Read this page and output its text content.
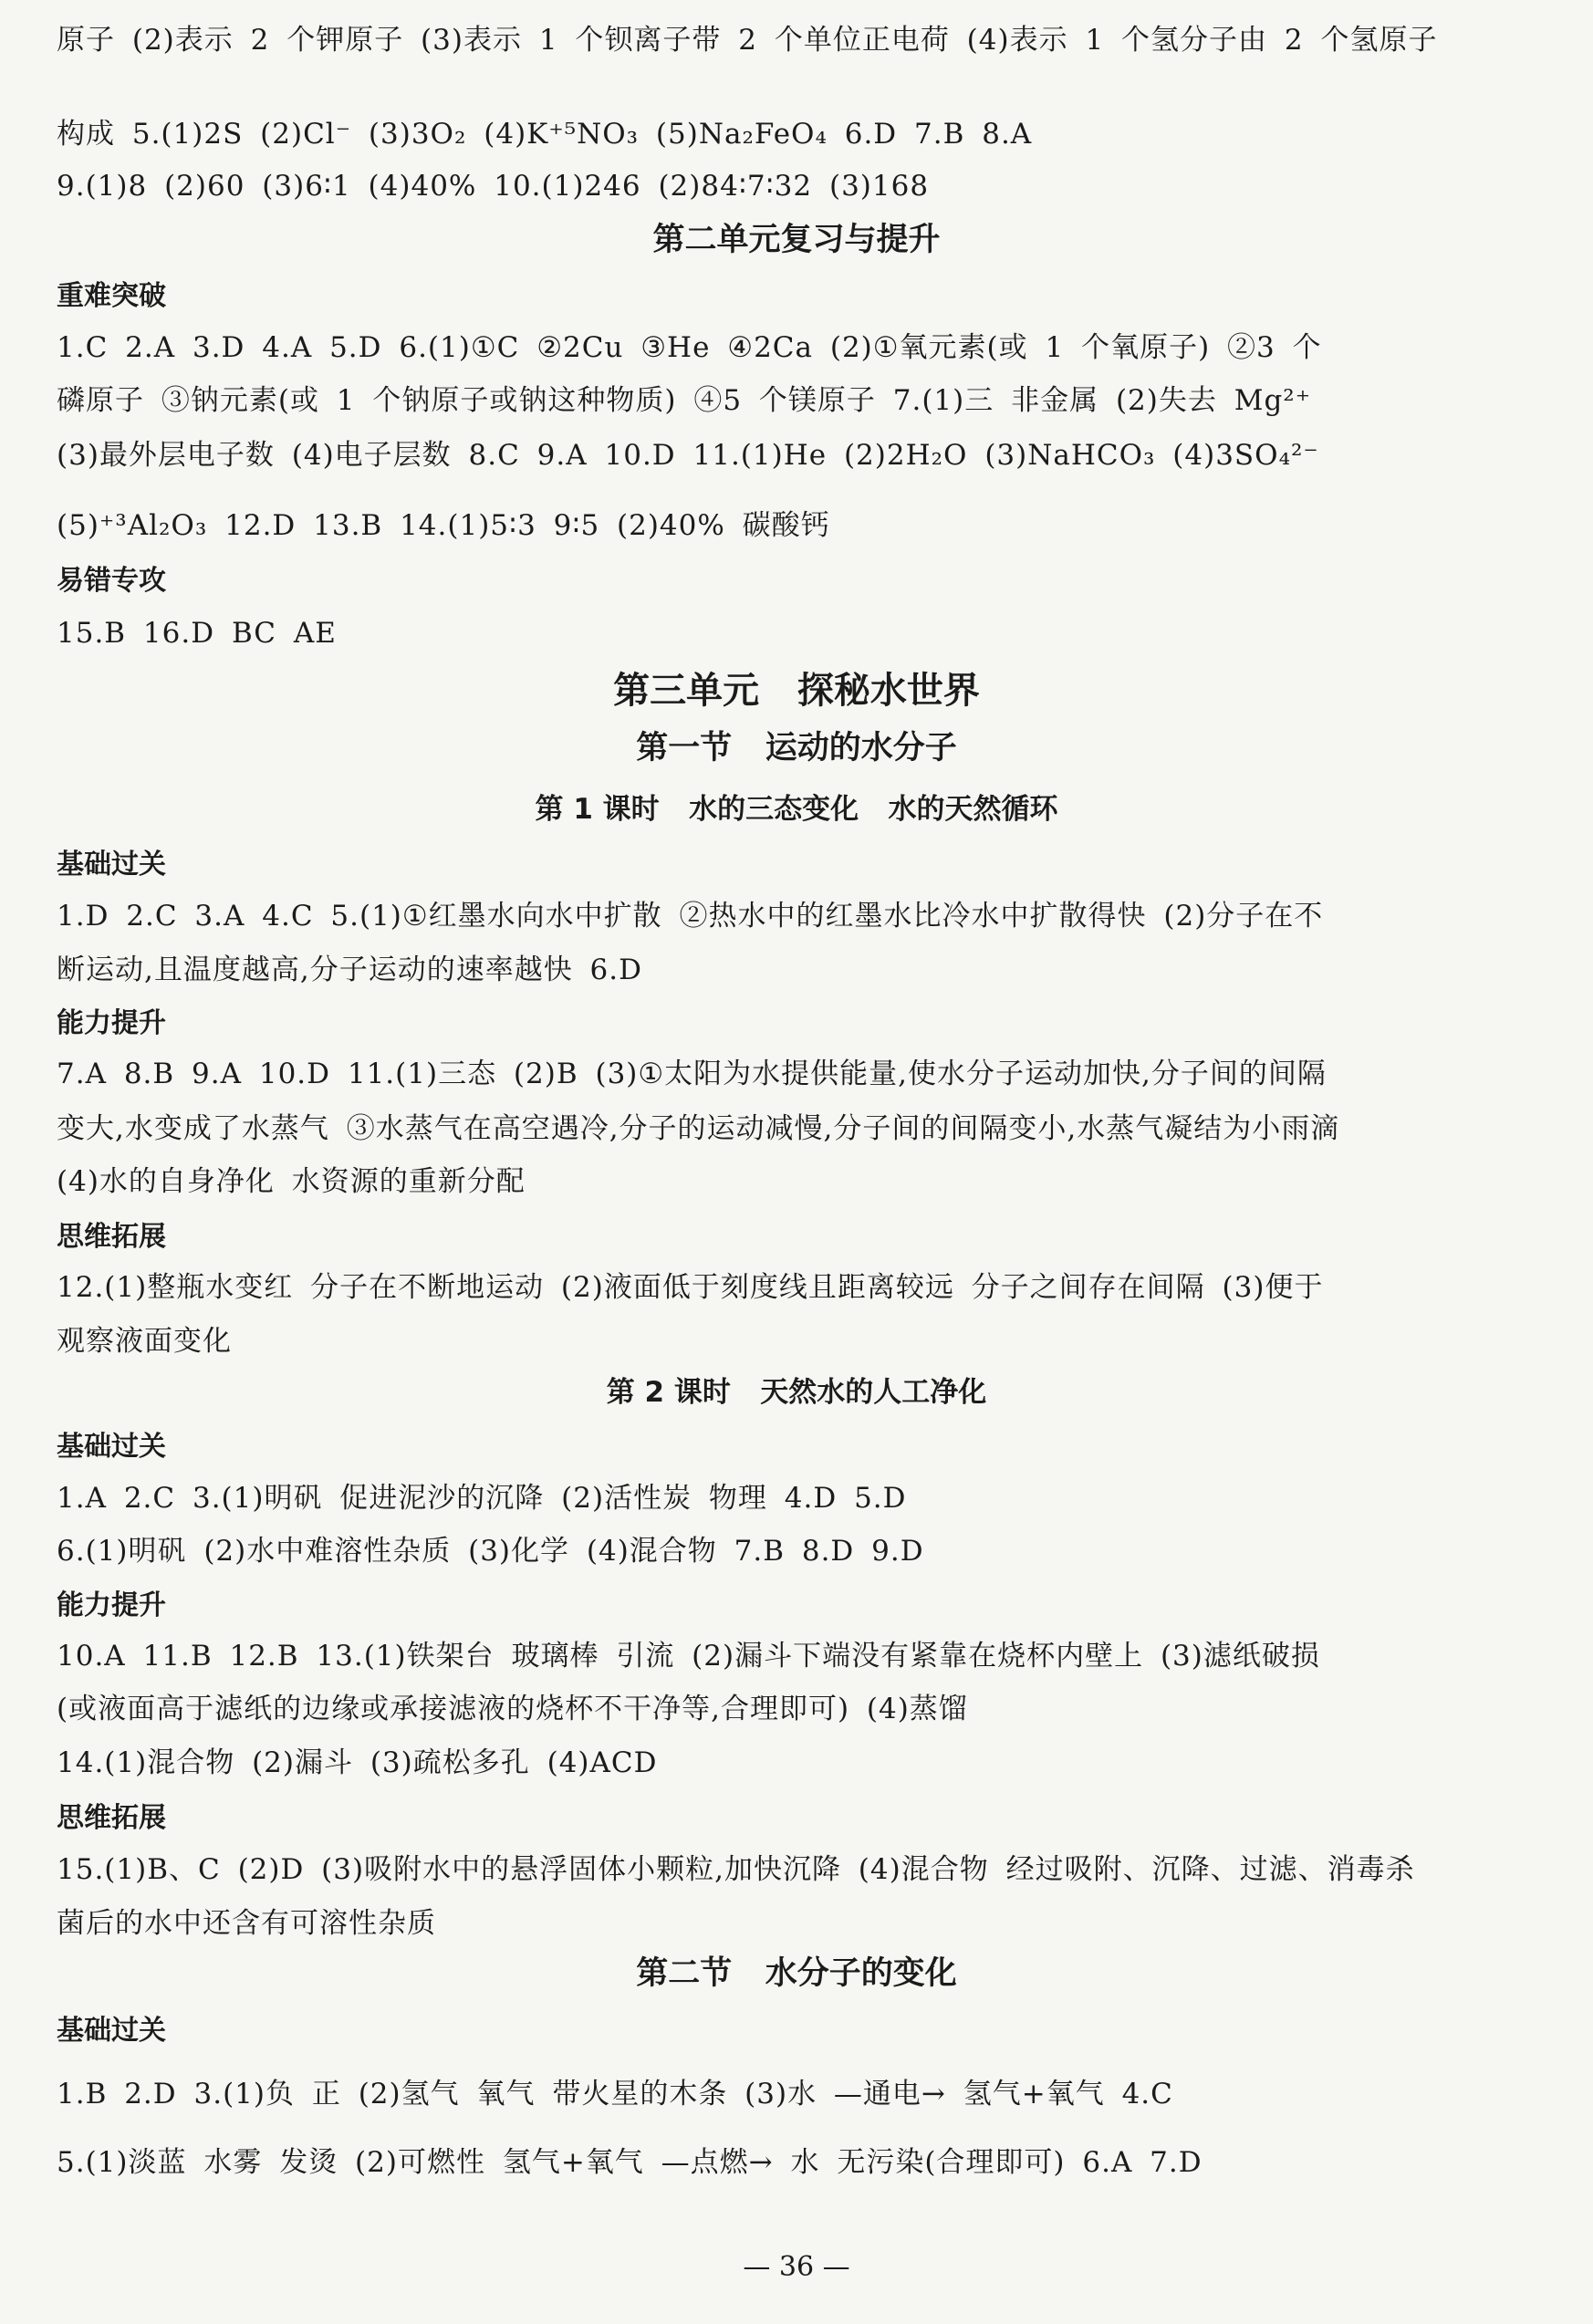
原子 (2)表示 2 个钾原子 (3)表示 1 个钡离子带 2 个单位正电荷 (4)表示 1 个氢分子由 2 个氢原子
构成 5.(1)2S (2)Cl⁻ (3)3O₂ (4)K⁺⁵NO₃ (5)Na₂FeO₄ 6.D 7.B 8.A
9.(1)8 (2)60 (3)6∶1 (4)40% 10.(1)246 (2)84∶7∶32 (3)168
第二单元复习与提升
重难突破
1.C 2.A 3.D 4.A 5.D 6.(1)①C ②2Cu ③He ④2Ca (2)①氧元素(或 1 个氧原子) ②3 个
磷原子 ③钠元素(或 1 个钠原子或钠这种物质) ④5 个镁原子 7.(1)三 非金属 (2)失去 Mg²⁺
(3)最外层电子数 (4)电子层数 8.C 9.A 10.D 11.(1)He (2)2H₂O (3)NaHCO₃ (4)3SO₄²⁻
(5)⁺³Al₂O₃ 12.D 13.B 14.(1)5∶3 9∶5 (2)40% 碳酸钙
易错专攻
15.B 16.D BC AE
第三单元   探秘水世界
第一节   运动的水分子
第 1 课时   水的三态变化   水的天然循环
基础过关
1.D 2.C 3.A 4.C 5.(1)①红墨水向水中扩散 ②热水中的红墨水比冷水中扩散得快 (2)分子在不
断运动,且温度越高,分子运动的速率越快 6.D
能力提升
7.A 8.B 9.A 10.D 11.(1)三态 (2)B (3)①太阳为水提供能量,使水分子运动加快,分子间的间隔
变大,水变成了水蒸气 ③水蒸气在高空遇冷,分子的运动减慢,分子间的间隔变小,水蒸气凝结为小雨滴
(4)水的自身净化 水资源的重新分配
思维拓展
12.(1)整瓶水变红 分子在不断地运动 (2)液面低于刻度线且距离较远 分子之间存在间隔 (3)便于
观察液面变化
第 2 课时   天然水的人工净化
基础过关
1.A 2.C 3.(1)明矾 促进泥沙的沉降 (2)活性炭 物理 4.D 5.D
6.(1)明矾 (2)水中难溶性杂质 (3)化学 (4)混合物 7.B 8.D 9.D
能力提升
10.A 11.B 12.B 13.(1)铁架台 玻璃棒 引流 (2)漏斗下端没有紧靠在烧杯内壁上 (3)滤纸破损
(或液面高于滤纸的边缘或承接滤液的烧杯不干净等,合理即可) (4)蒸馏
14.(1)混合物 (2)漏斗 (3)疏松多孔 (4)ACD
思维拓展
15.(1)B、C (2)D (3)吸附水中的悬浮固体小颗粒,加快沉降 (4)混合物 经过吸附、沉降、过滤、消毒杀
菌后的水中还含有可溶性杂质
第二节   水分子的变化
基础过关
1.B 2.D 3.(1)负 正 (2)氢气 氧气 带火星的木条 (3)水 —通电→ 氢气+氧气 4.C
5.(1)淡蓝 水雾 发烫 (2)可燃性 氢气+氧气 —点燃→ 水 无污染(合理即可) 6.A 7.D
— 36 —
